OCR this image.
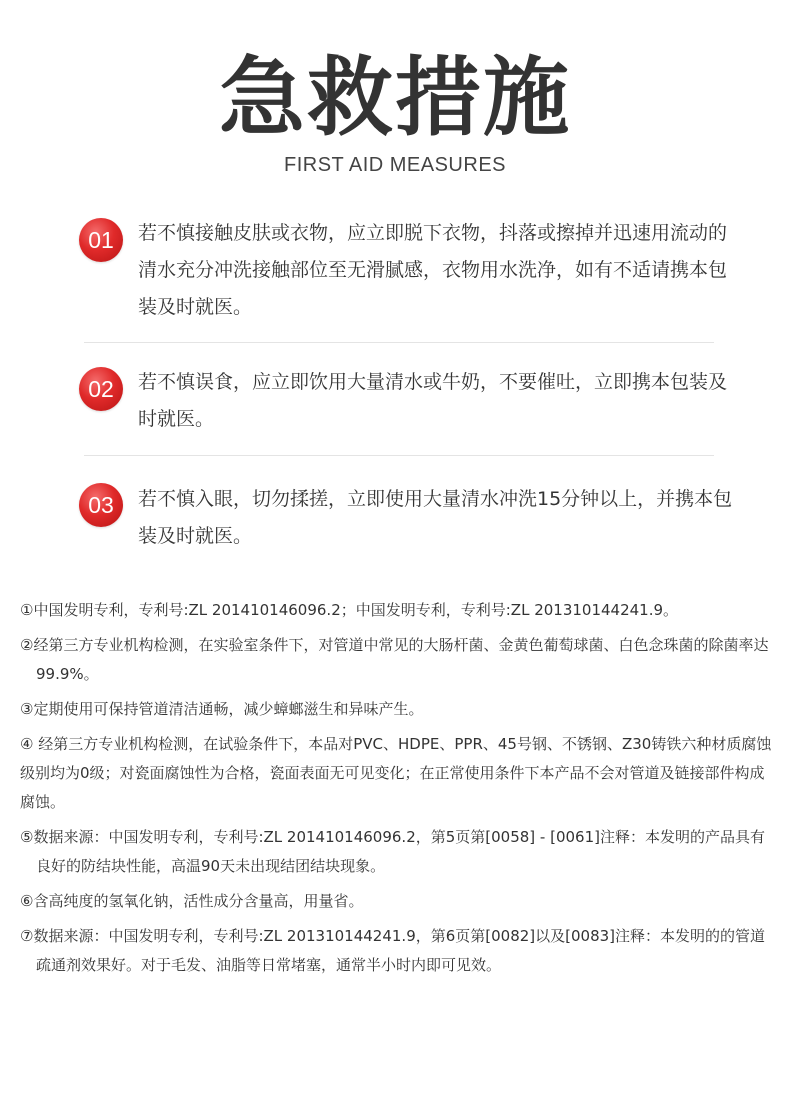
急救措施
FIRST AID MEASURES
01	若不慎接触皮肤或衣物，应立即脱下衣物，抖落或擦掉并迅速用流动的清水充分冲洗接触部位至无滑腻感，衣物用水洗净，如有不适请携本包装及时就医。
02	若不慎误食，应立即饮用大量清水或牛奶，不要催吐，立即携本包装及时就医。
03	若不慎入眼，切勿揉搓，立即使用大量清水冲洗15分钟以上，并携本包装及时就医。
①中国发明专利，专利号:ZL 201410146096.2；中国发明专利，专利号:ZL 201310144241.9。
②经第三方专业机构检测，在实验室条件下，对管道中常见的大肠杆菌、金黄色葡萄球菌、白色念珠菌的除菌率达99.9%。
③定期使用可保持管道清洁通畅，减少蟑螂滋生和异味产生。
④ 经第三方专业机构检测，在试验条件下，本品对PVC、HDPE、PPR、45号钢、不锈钢、Z30铸铁六种材质腐蚀级别均为0级；对瓷面腐蚀性为合格，瓷面表面无可见变化；在正常使用条件下本产品不会对管道及链接部件构成腐蚀。
⑤数据来源：中国发明专利，专利号:ZL 201410146096.2，第5页第[0058] - [0061]注释：本发明的产品具有良好的防结块性能，高温90天未出现结团结块现象。
⑥含高纯度的氢氧化钠，活性成分含量高，用量省。
⑦数据来源：中国发明专利，专利号:ZL 201310144241.9，第6页第[0082]以及[0083]注释：本发明的的管道疏通剂效果好。对于毛发、油脂等日常堵塞，通常半小时内即可见效。
